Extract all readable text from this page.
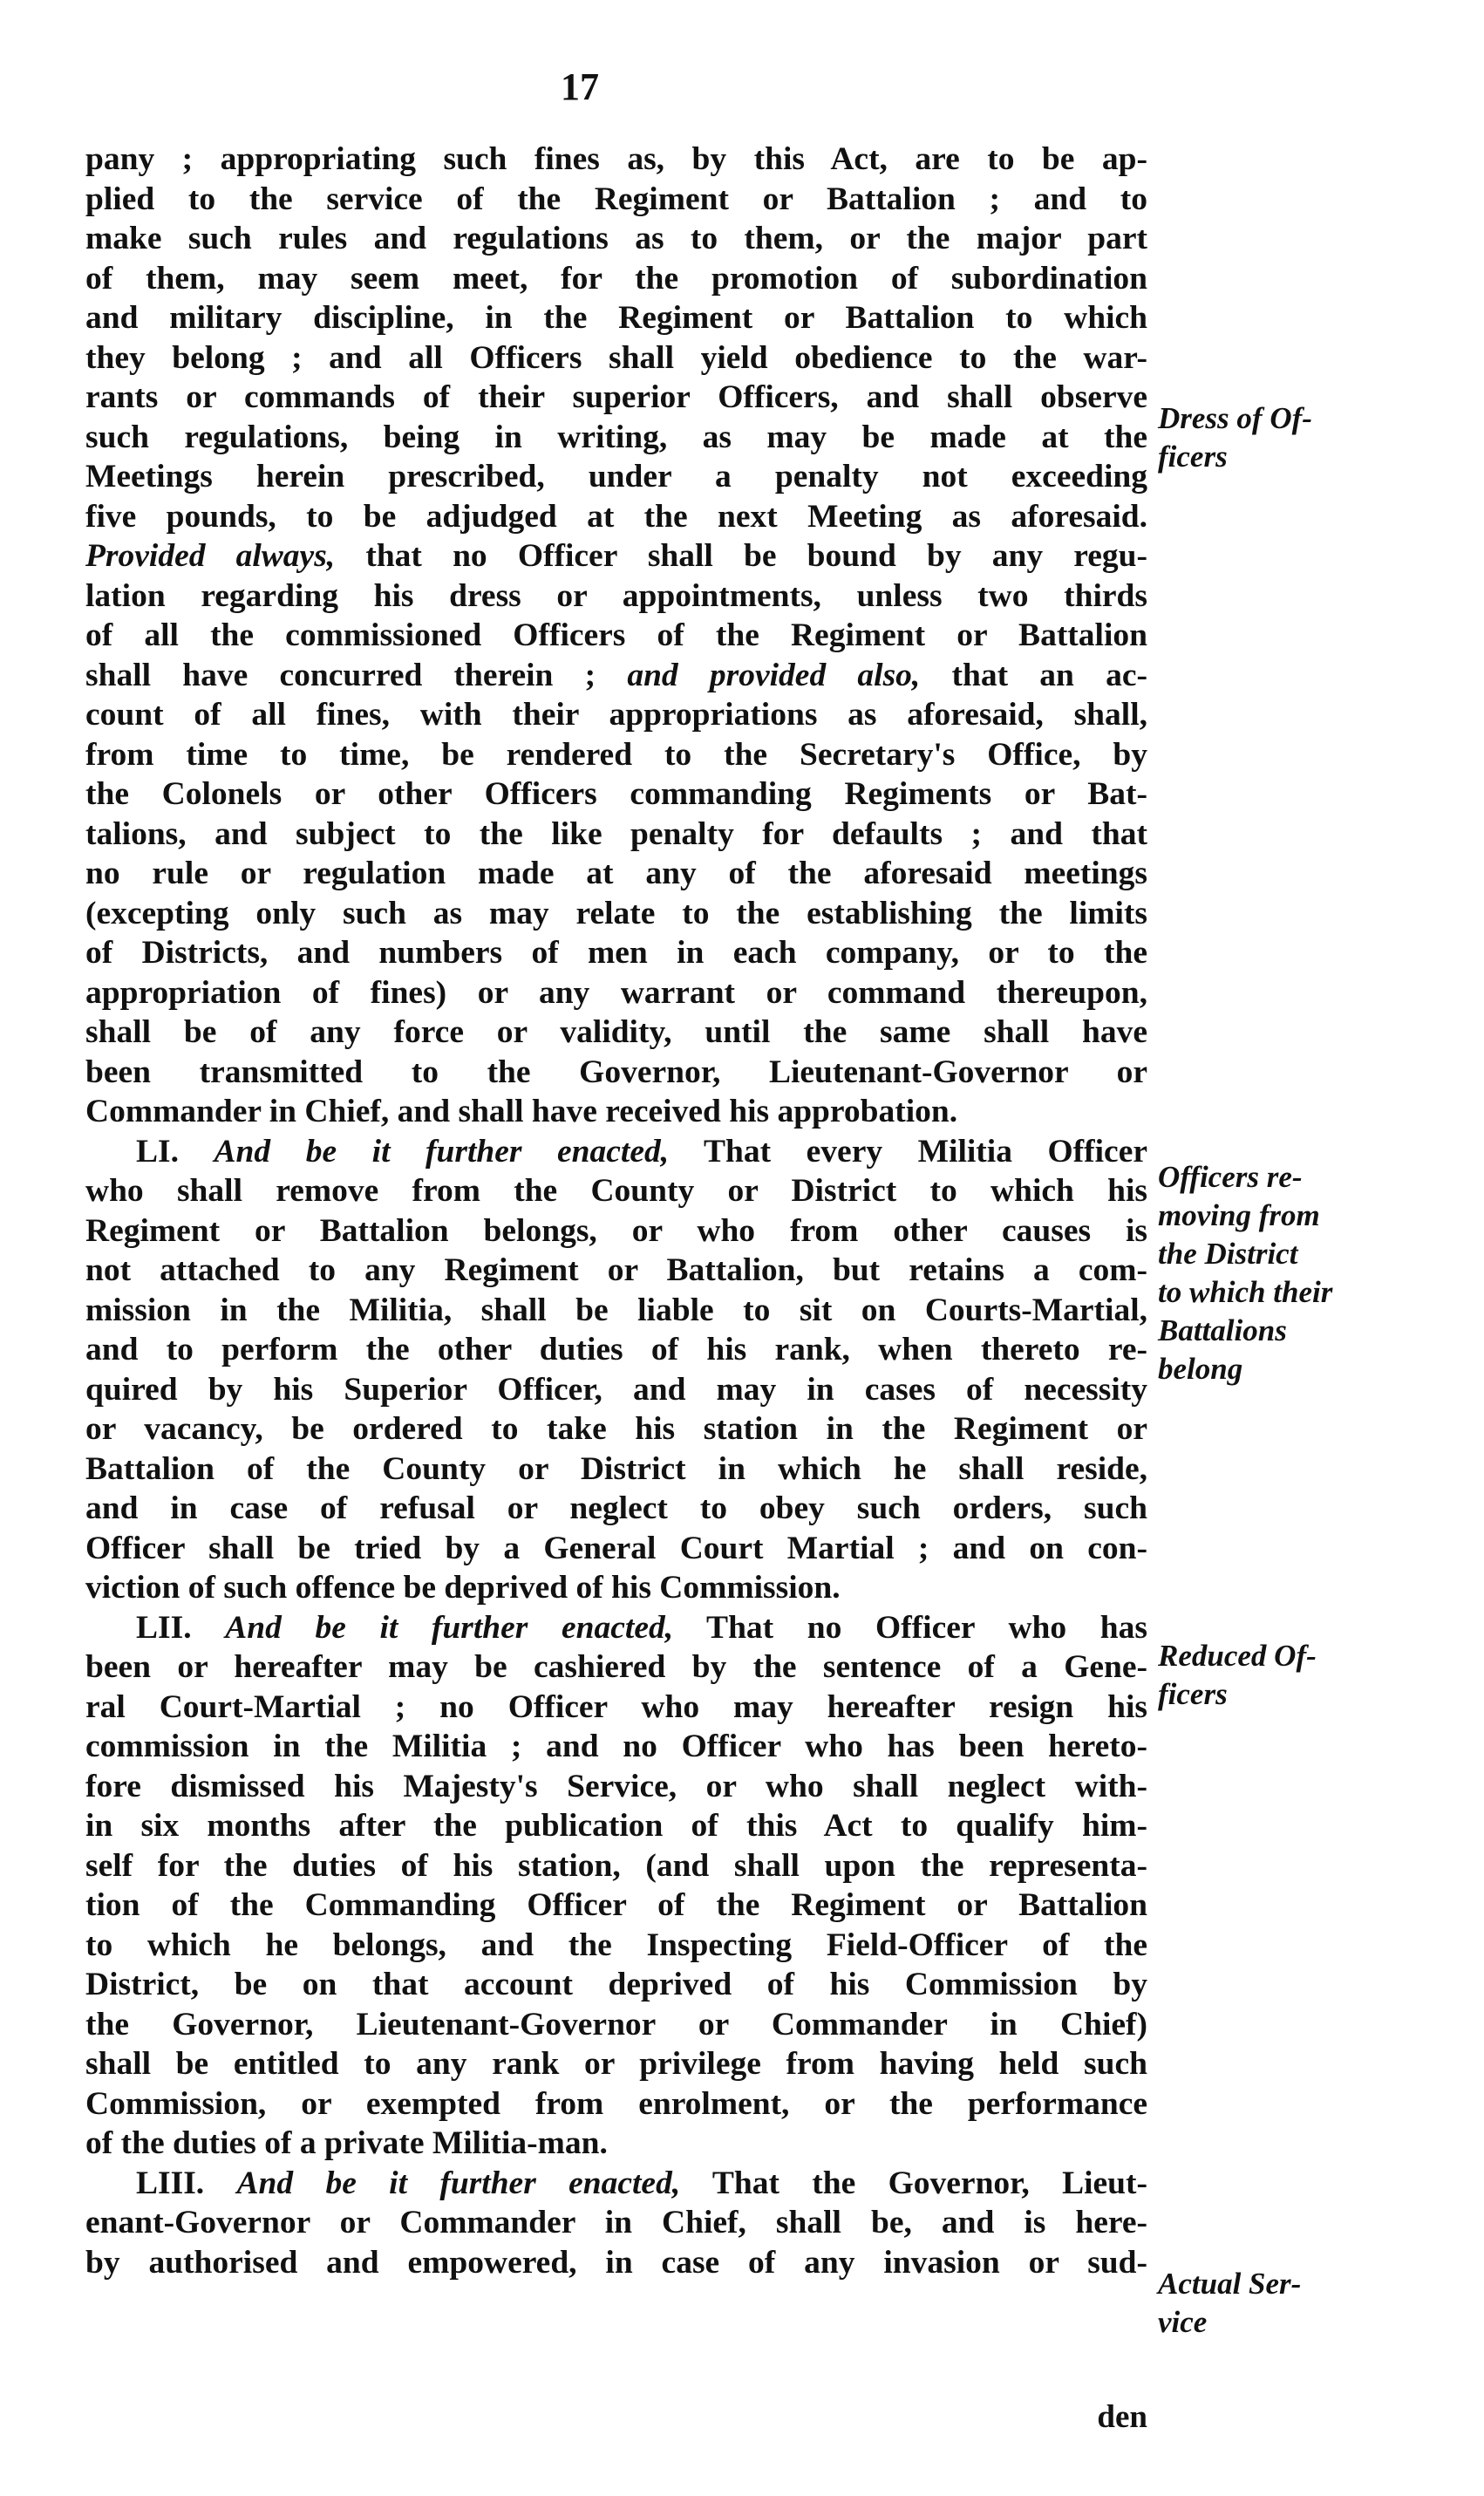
17
pany ; appropriating such fines as, by this Act, are to be ap-
plied to the service of the Regiment or Battalion ; and to
make such rules and regulations as to them, or the major part
of them, may seem meet, for the promotion of subordination
and military discipline, in the Regiment or Battalion to which
they belong ; and all Officers shall yield obedience to the war-
rants or commands of their superior Officers, and shall observe
such regulations, being in writing, as may be made at the
Meetings herein prescribed, under a penalty not exceeding
five pounds, to be adjudged at the next Meeting as aforesaid.
Provided always, that no Officer shall be bound by any regu-
lation regarding his dress or appointments, unless two thirds
of all the commissioned Officers of the Regiment or Battalion
shall have concurred therein ; and provided also, that an ac-
count of all fines, with their appropriations as aforesaid, shall,
from time to time, be rendered to the Secretary's Office, by
the Colonels or other Officers commanding Regiments or Bat-
talions, and subject to the like penalty for defaults ; and that
no rule or regulation made at any of the aforesaid meetings
(excepting only such as may relate to the establishing the limits
of Districts, and numbers of men in each company, or to the
appropriation of fines) or any warrant or command thereupon,
shall be of any force or validity, until the same shall have
been transmitted to the Governor, Lieutenant-Governor or
Commander in Chief, and shall have received his approbation.
LI. And be it further enacted, That every Militia Officer
who shall remove from the County or District to which his
Regiment or Battalion belongs, or who from other causes is
not attached to any Regiment or Battalion, but retains a com-
mission in the Militia, shall be liable to sit on Courts-Martial,
and to perform the other duties of his rank, when thereto re-
quired by his Superior Officer, and may in cases of necessity
or vacancy, be ordered to take his station in the Regiment or
Battalion of the County or District in which he shall reside,
and in case of refusal or neglect to obey such orders, such
Officer shall be tried by a General Court Martial ; and on con-
viction of such offence be deprived of his Commission.
LII. And be it further enacted, That no Officer who has
been or hereafter may be cashiered by the sentence of a Gene-
ral Court-Martial ; no Officer who may hereafter resign his
commission in the Militia ; and no Officer who has been hereto-
fore dismissed his Majesty's Service, or who shall neglect with-
in six months after the publication of this Act to qualify him-
self for the duties of his station, (and shall upon the representa-
tion of the Commanding Officer of the Regiment or Battalion
to which he belongs, and the Inspecting Field-Officer of the
District, be on that account deprived of his Commission by
the Governor, Lieutenant-Governor or Commander in Chief)
shall be entitled to any rank or privilege from having held such
Commission, or exempted from enrolment, or the performance
of the duties of a private Militia-man.
LIII. And be it further enacted, That the Governor, Lieut-
enant-Governor or Commander in Chief, shall be, and is here-
by authorised and empowered, in case of any invasion or sud-
Dress of Of-
ficers
Officers re-
moving from
the District
to which their
Battalions
belong
Reduced Of-
ficers
Actual Ser-
vice
den
